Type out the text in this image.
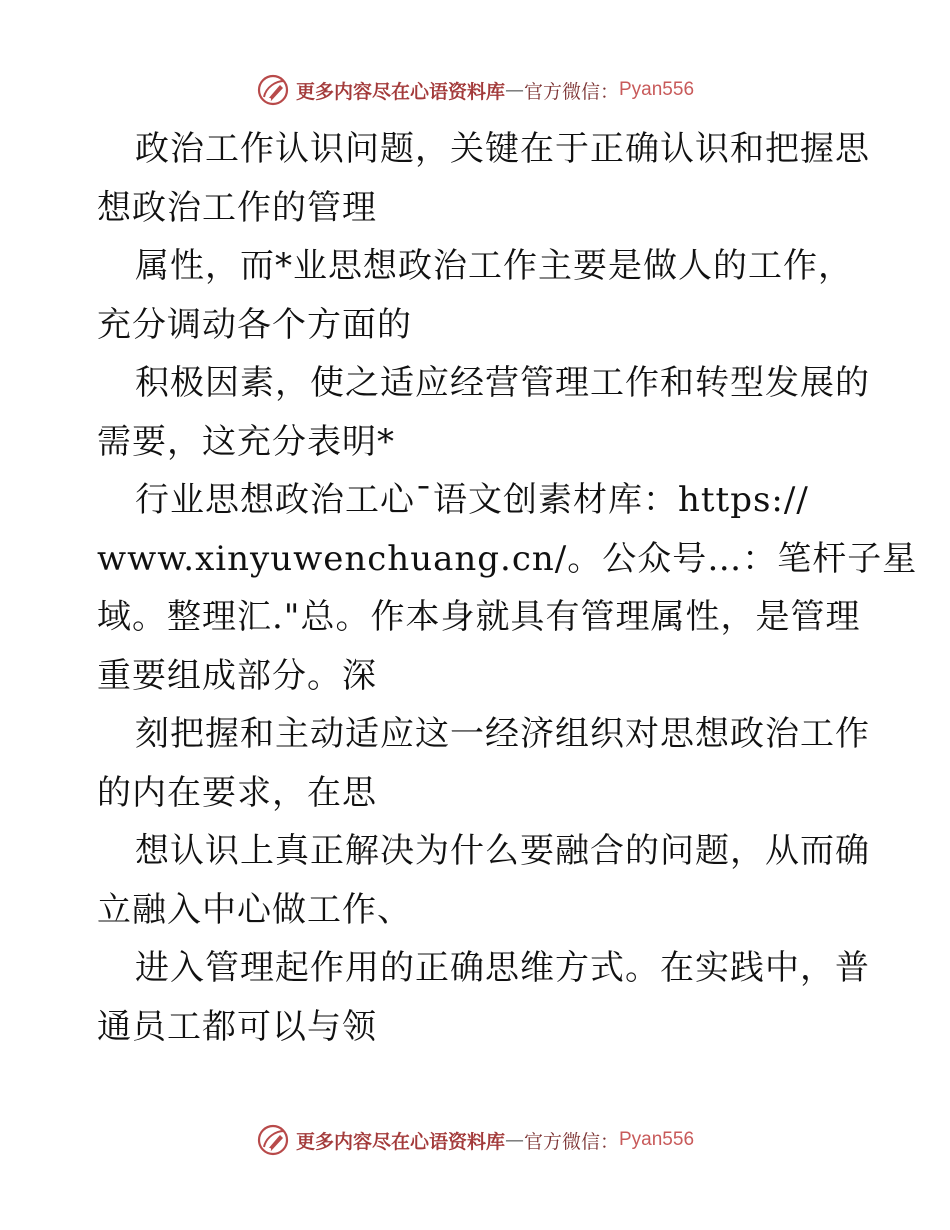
更多内容尽在心语资料库 — 官方微信： Pyan556
政治工作认识问题，关键在于正确认识和把握思
想政治工作的管理
属性，而*业思想政治工作主要是做人的工作，
充分调动各个方面的
积极因素，使之适应经营管理工作和转型发展的
需要，这充分表明*
行业思想政治工心¯语文创素材库：https://
www.xinyuwenchuang.cn/。公众号…：笔杆子星
域。整理汇."总。作本身就具有管理属性，是管理
重要组成部分。深
刻把握和主动适应这一经济组织对思想政治工作
的内在要求，在思
想认识上真正解决为什么要融合的问题，从而确
立融入中心做工作、
进入管理起作用的正确思维方式。在实践中，普
通员工都可以与领
更多内容尽在心语资料库 — 官方微信： Pyan556
